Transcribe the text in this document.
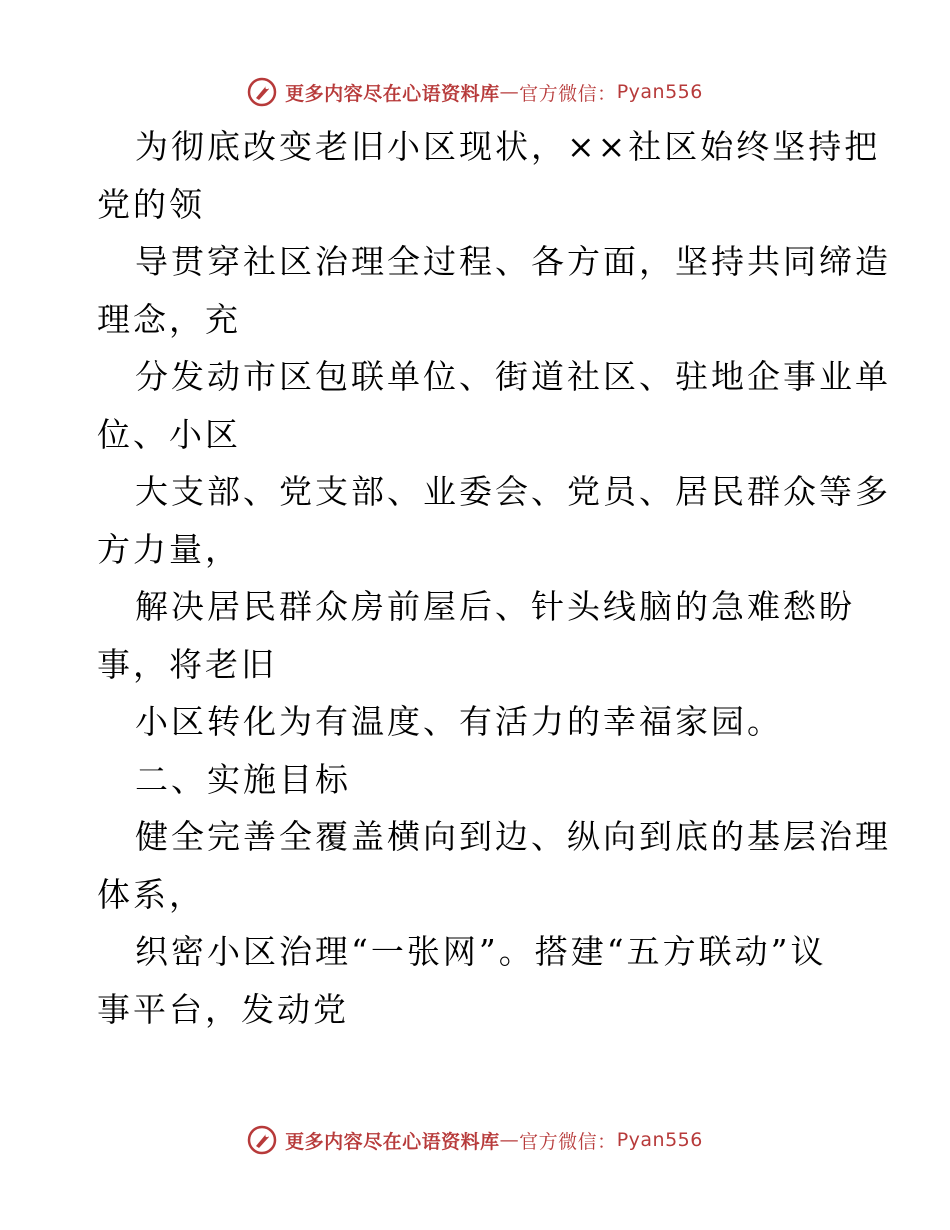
更多内容尽在心语资料库 — 官方微信： Pyan556
为彻底改变老旧小区现状，××社区始终坚持把
党的领
导贯穿社区治理全过程、各方面，坚持共同缔造
理念，充
分发动市区包联单位、街道社区、驻地企事业单
位、小区
大支部、党支部、业委会、党员、居民群众等多
方力量，
解决居民群众房前屋后、针头线脑的急难愁盼
事，将老旧
小区转化为有温度、有活力的幸福家园。
二、实施目标
健全完善全覆盖横向到边、纵向到底的基层治理
体系，
织密小区治理“一张网”。搭建“五方联动”议
事平台，发动党
更多内容尽在心语资料库 — 官方微信： Pyan556
